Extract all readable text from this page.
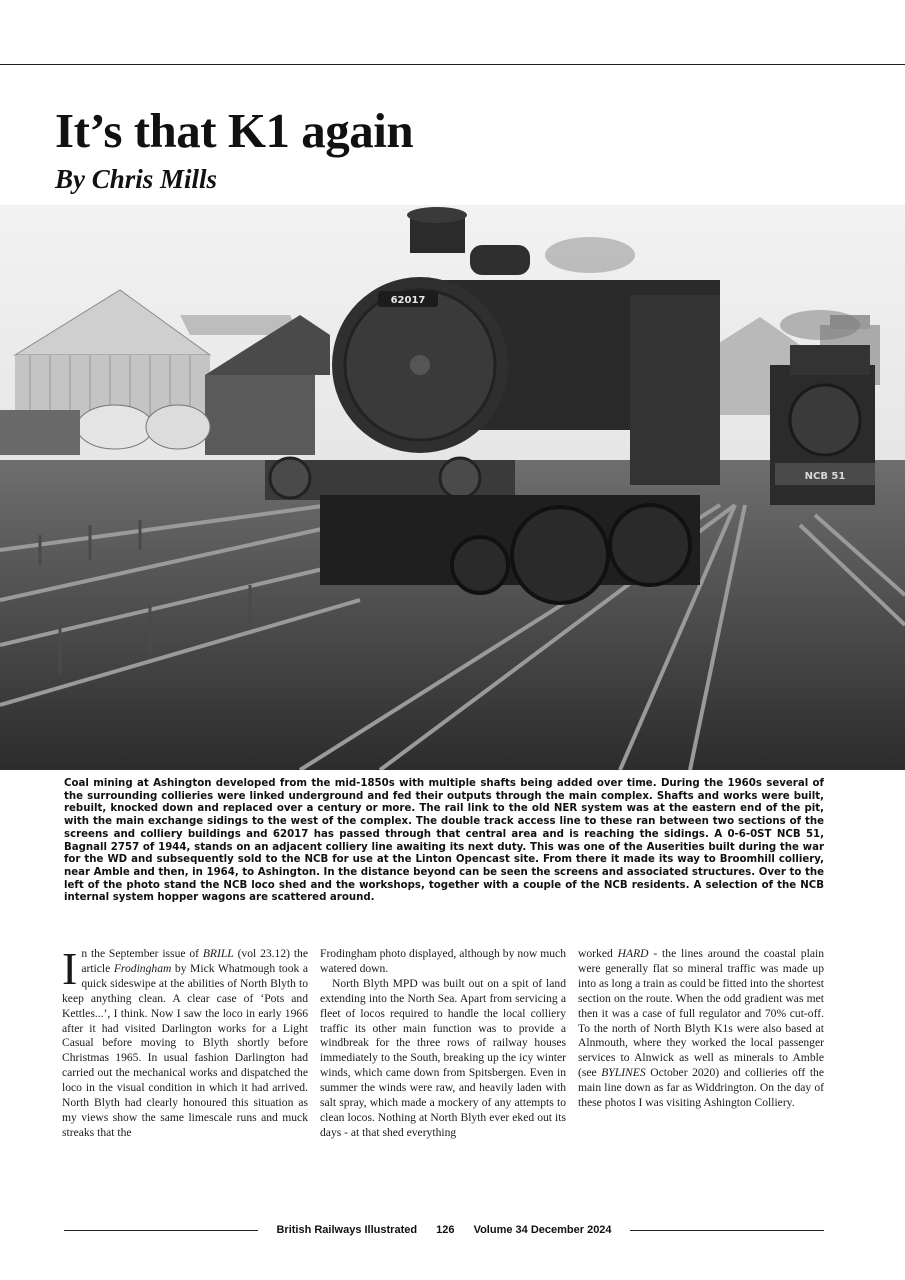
It’s that K1 again
By Chris Mills
62017
NCB 51

Coal mining at Ashington developed from the mid-1850s with multiple shafts being added over time. During the 1960s several of the surrounding collieries were linked underground and fed their outputs through the main complex. Shafts and works were built, rebuilt, knocked down and replaced over a century or more. The rail link to the old NER system was at the eastern end of the pit, with the main exchange sidings to the west of the complex. The double track access line to these ran between two sections of the screens and colliery buildings and 62017 has passed through that central area and is reaching the sidings. A 0-6-0ST NCB 51, Bagnall 2757 of 1944, stands on an adjacent colliery line awaiting its next duty. This was one of the Auserities built during the war for the WD and subsequently sold to the NCB for use at the Linton Opencast site. From there it made its way to Broomhill colliery, near Amble and then, in 1964, to Ashington. In the distance beyond can be seen the screens and associated structures. Over to the left of the photo stand the NCB loco shed and the workshops, together with a couple of the NCB residents. A selection of the NCB internal system hopper wagons are scattered around.

In the September issue of BRILL (vol 23.12) the article Frodingham by Mick Whatmough took a quick sideswipe at the abilities of North Blyth to keep anything clean. A clear case of ‘Pots and Kettles...’, I think. Now I saw the loco in early 1966 after it had visited Darlington works for a Light Casual before moving to Blyth shortly before Christmas 1965. In usual fashion Darlington had carried out the mechanical works and dispatched the loco in the visual condition in which it had arrived. North Blyth had clearly honoured this situation as my views show the same limescale runs and muck streaks that the

Frodingham photo displayed, although by now much watered down.

North Blyth MPD was built out on a spit of land extending into the North Sea. Apart from servicing a fleet of locos required to handle the local colliery traffic its other main function was to provide a windbreak for the three rows of railway houses immediately to the South, breaking up the icy winter winds, which came down from Spitsbergen. Even in summer the winds were raw, and heavily laden with salt spray, which made a mockery of any attempts to clean locos. Nothing at North Blyth ever eked out its days - at that shed everything

worked HARD - the lines around the coastal plain were generally flat so mineral traffic was made up into as long a train as could be fitted into the shortest section on the route. When the odd gradient was met then it was a case of full regulator and 70% cut-off. To the north of North Blyth K1s were also based at Alnmouth, where they worked the local passenger services to Alnwick as well as minerals to Amble (see BYLINES October 2020) and collieries off the main line down as far as Widdrington. On the day of these photos I was visiting Ashington Colliery.

British Railways Illustrated 126 Volume 34 December 2024
